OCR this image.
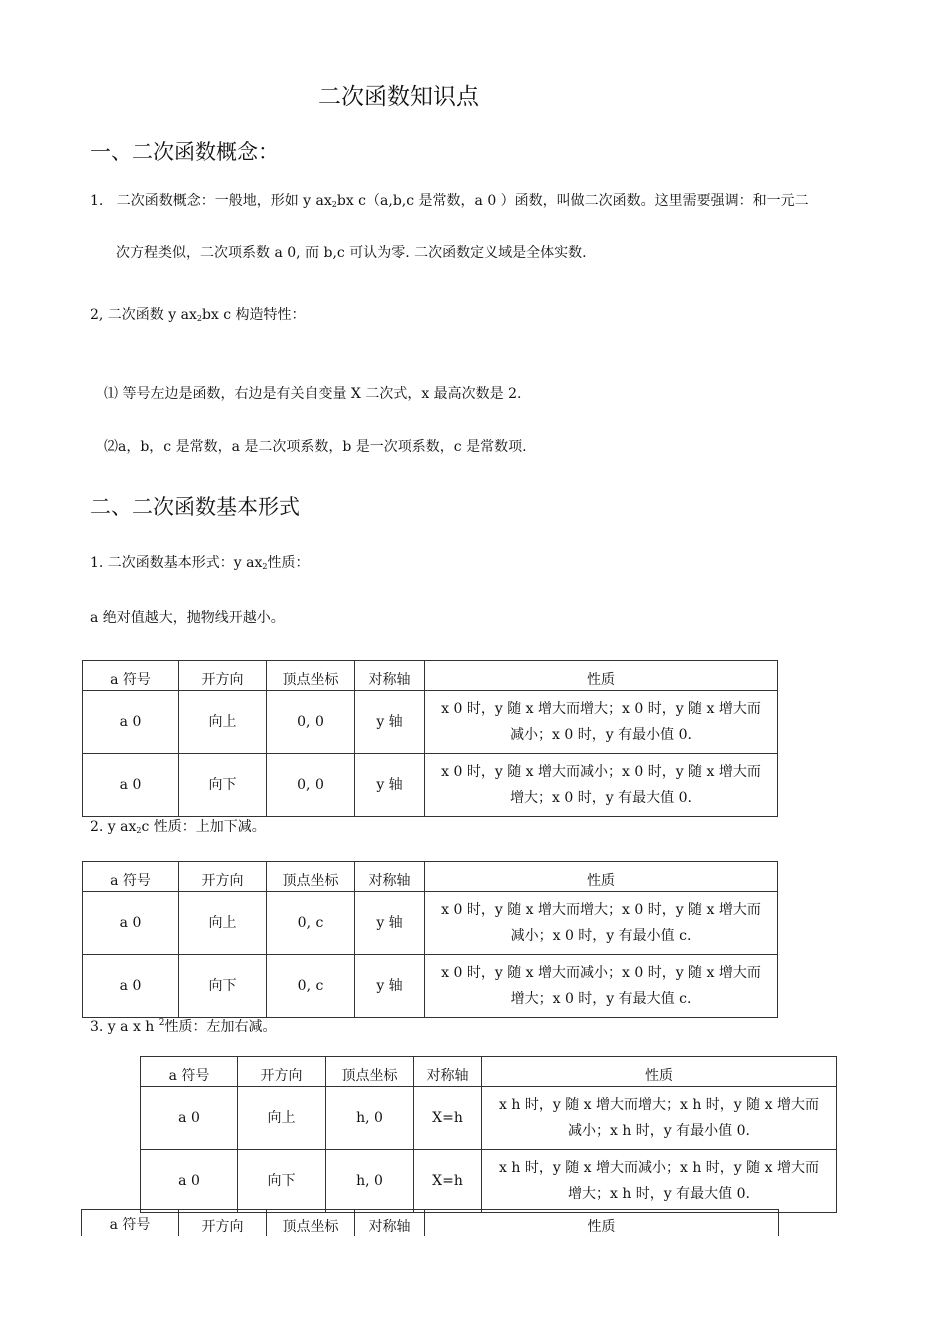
二次函数知识点
一、二次函数概念：
1. 二次函数概念：一般地，形如 y $ax_2bx$ c（a,b,c 是常数，a 0 ）函数，叫做二次函数。这里需要强调：和一元二
次方程类似，二次项系数 a 0, 而 b,c 可认为零. 二次函数定义域是全体实数.
2, 二次函数 y $ax_2bx$ c 构造特性：
⑴ 等号左边是函数，右边是有关自变量 X 二次式，x 最高次数是 2.
⑵a，b，c 是常数，a 是二次项系数，b 是一次项系数，c 是常数项.
二、二次函数基本形式
1. 二次函数基本形式：y $ax_2$性质：
a 绝对值越大，抛物线开越小。
a 符号	开方向	顶点坐标	对称轴	性质
a 0	向上	0, 0	y 轴	x 0 时，y 随 x 增大而增大；x 0 时，y 随 x 增大而
减小；x 0 时，y 有最小值 0.
a 0	向下	0, 0	y 轴	x 0 时，y 随 x 增大而减小；x 0 时，y 随 x 增大而
增大；x 0 时，y 有最大值 0.
2. y $ax_2c$ 性质：上加下减。
a 符号	开方向	顶点坐标	对称轴	性质
a 0	向上	0, c	y 轴	x 0 时，y 随 x 增大而增大；x 0 时，y 随 x 增大而
减小；x 0 时，y 有最小值 c.
a 0	向下	0, c	y 轴	x 0 时，y 随 x 增大而减小；x 0 时，y 随 x 增大而
增大；x 0 时，y 有最大值 c.
3. y a x h $^2$性质：左加右减。
a 符号	开方向	顶点坐标	对称轴	性质
a 0	向上	h, 0	X=h	x h 时，y 随 x 增大而增大；x h 时，y 随 x 增大而
减小；x h 时，y 有最小值 0.
a 0	向下	h, 0	X=h	x h 时，y 随 x 增大而减小；x h 时，y 随 x 增大而
增大；x h 时，y 有最大值 0.
a 符号	开方向	顶点坐标	对称轴	性质
